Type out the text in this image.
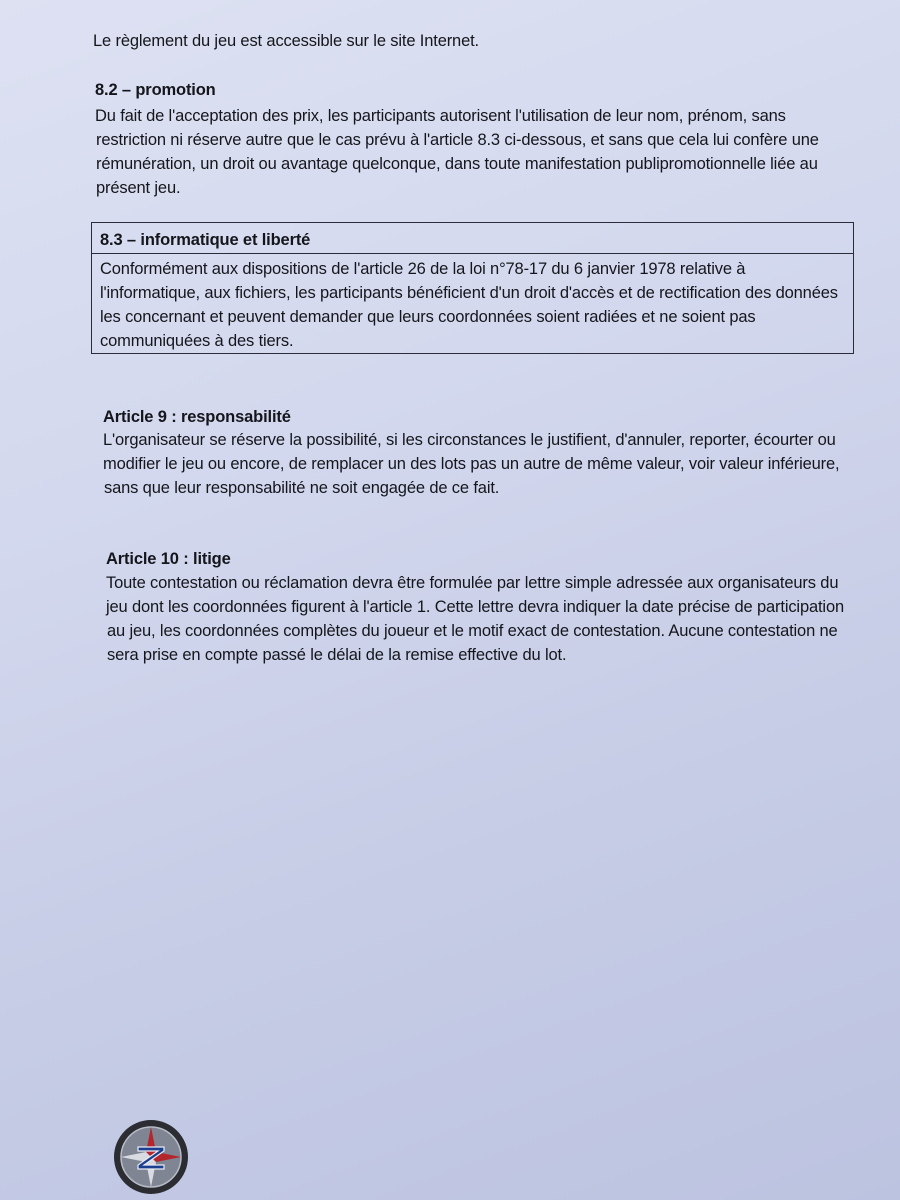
Le règlement du jeu est accessible sur le site Internet.
8.2 – promotion
Du fait de l'acceptation des prix, les participants autorisent l'utilisation de leur nom, prénom, sans
restriction ni réserve autre que le cas prévu à l'article 8.3 ci-dessous, et sans que cela lui confère une
rémunération, un droit ou avantage quelconque, dans toute manifestation publipromotionnelle liée au
présent jeu.
8.3 – informatique et liberté
Conformément aux dispositions de l'article 26 de la loi n°78-17 du 6 janvier 1978 relative à
l'informatique, aux fichiers, les participants bénéficient d'un droit d'accès et de rectification des données
les concernant et peuvent demander que leurs coordonnées soient radiées et ne soient pas
communiquées à des tiers.
Article 9 : responsabilité
L'organisateur se réserve la possibilité, si les circonstances le justifient, d'annuler, reporter, écourter ou
modifier le jeu ou encore, de remplacer un des lots pas un autre de même valeur, voir valeur inférieure,
sans que leur responsabilité ne soit engagée de ce fait.
Article 10 : litige
Toute contestation ou réclamation devra être formulée par lettre simple adressée aux organisateurs du
jeu dont les coordonnées figurent à l'article 1. Cette lettre devra indiquer la date précise de participation
au jeu, les coordonnées complètes du joueur et le motif exact de contestation. Aucune contestation ne
sera prise en compte passé le délai de la remise effective du lot.
